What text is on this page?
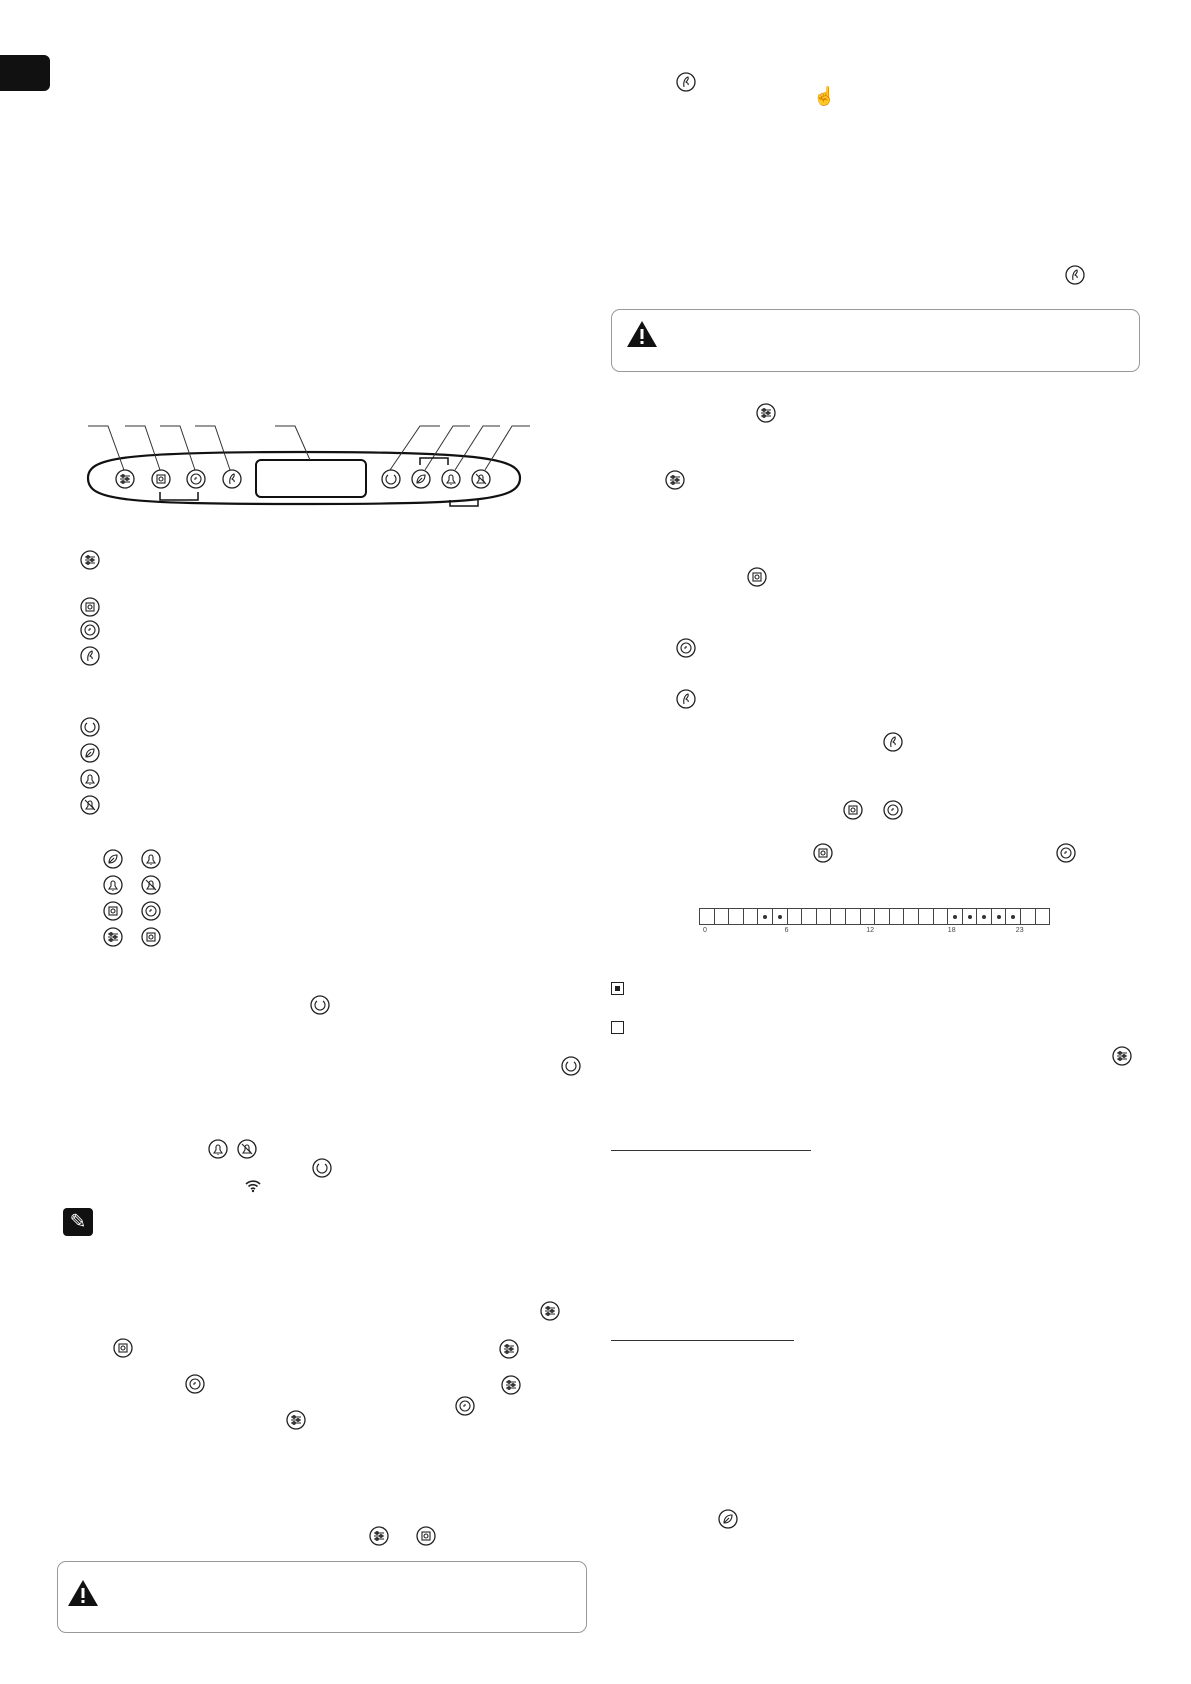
✎
☝
0	6	12	18	23
